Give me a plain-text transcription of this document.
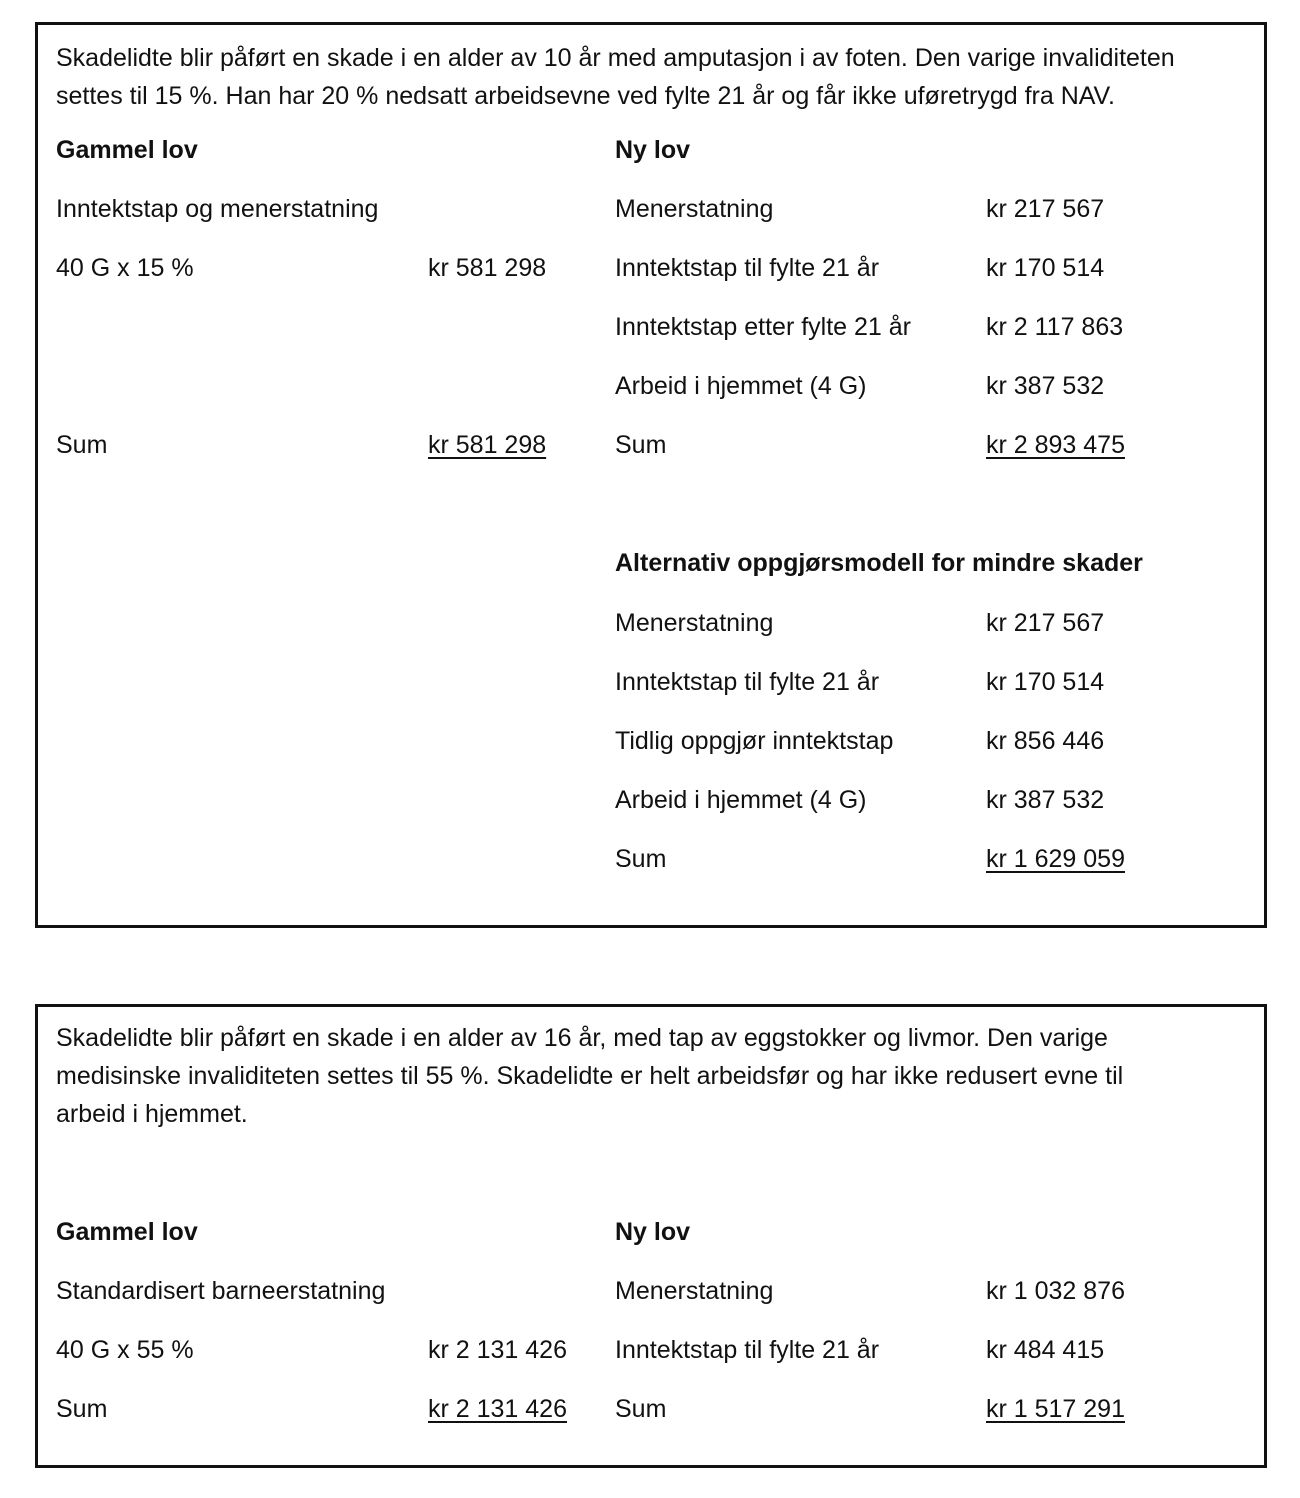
Skadelidte blir påført en skade i en alder av 10 år med amputasjon i av foten. Den varige invaliditeten
settes til 15 %. Han har 20 % nedsatt arbeidsevne ved fylte 21 år og får ikke uføretrygd fra NAV.
Gammel lov
Inntektstap og menerstatning
40 G x 15 %	kr 581 298
Sum	kr 581 298
Ny lov
Menerstatning	kr 217 567
Inntektstap til fylte 21 år	kr 170 514
Inntektstap etter fylte 21 år	kr 2 117 863
Arbeid i hjemmet (4 G)	kr 387 532
Sum	kr 2 893 475
Alternativ oppgjørsmodell for mindre skader
Menerstatning	kr 217 567
Inntektstap til fylte 21 år	kr 170 514
Tidlig oppgjør inntektstap	kr 856 446
Arbeid i hjemmet (4 G)	kr 387 532
Sum	kr 1 629 059
Skadelidte blir påført en skade i en alder av 16 år, med tap av eggstokker og livmor. Den varige
medisinske invaliditeten settes til 55 %. Skadelidte er helt arbeidsfør og har ikke redusert evne til
arbeid i hjemmet.
Gammel lov
Standardisert barneerstatning
40 G x 55 %	kr 2 131 426
Sum	kr 2 131 426
Ny lov
Menerstatning	kr 1 032 876
Inntektstap til fylte 21 år	kr 484 415
Sum	kr 1 517 291
